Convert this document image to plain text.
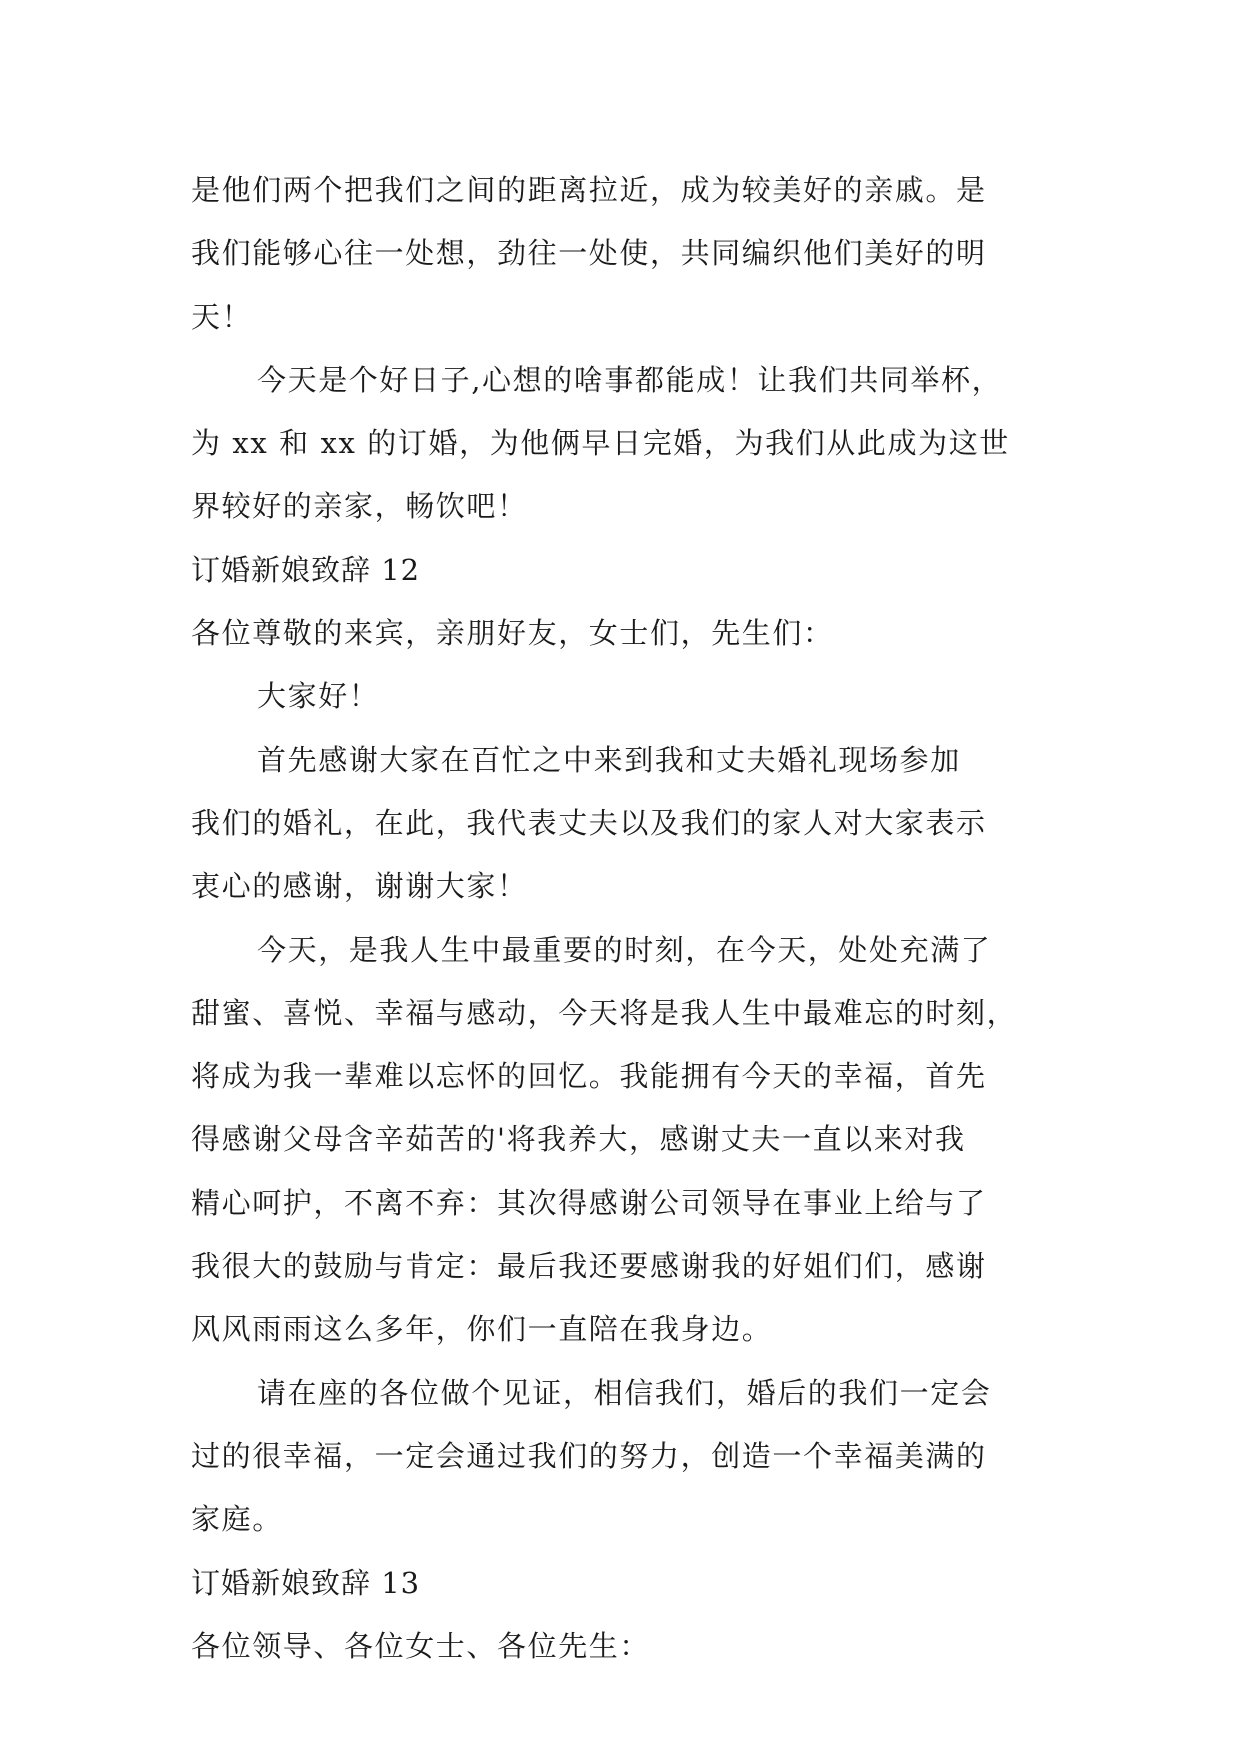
是他们两个把我们之间的距离拉近，成为较美好的亲戚。是
我们能够心往一处想，劲往一处使，共同编织他们美好的明
天！
今天是个好日子,心想的啥事都能成！让我们共同举杯，
为 xx 和 xx 的订婚，为他俩早日完婚，为我们从此成为这世
界较好的亲家，畅饮吧！
订婚新娘致辞 12
各位尊敬的来宾，亲朋好友，女士们，先生们：
大家好！
首先感谢大家在百忙之中来到我和丈夫婚礼现场参加
我们的婚礼，在此，我代表丈夫以及我们的家人对大家表示
衷心的感谢，谢谢大家！
今天，是我人生中最重要的时刻，在今天，处处充满了
甜蜜、喜悦、幸福与感动，今天将是我人生中最难忘的时刻，
将成为我一辈难以忘怀的回忆。我能拥有今天的幸福，首先
得感谢父母含辛茹苦的'将我养大，感谢丈夫一直以来对我
精心呵护，不离不弃：其次得感谢公司领导在事业上给与了
我很大的鼓励与肯定：最后我还要感谢我的好姐们们，感谢
风风雨雨这么多年，你们一直陪在我身边。
请在座的各位做个见证，相信我们，婚后的我们一定会
过的很幸福，一定会通过我们的努力，创造一个幸福美满的
家庭。
订婚新娘致辞 13
各位领导、各位女士、各位先生：
